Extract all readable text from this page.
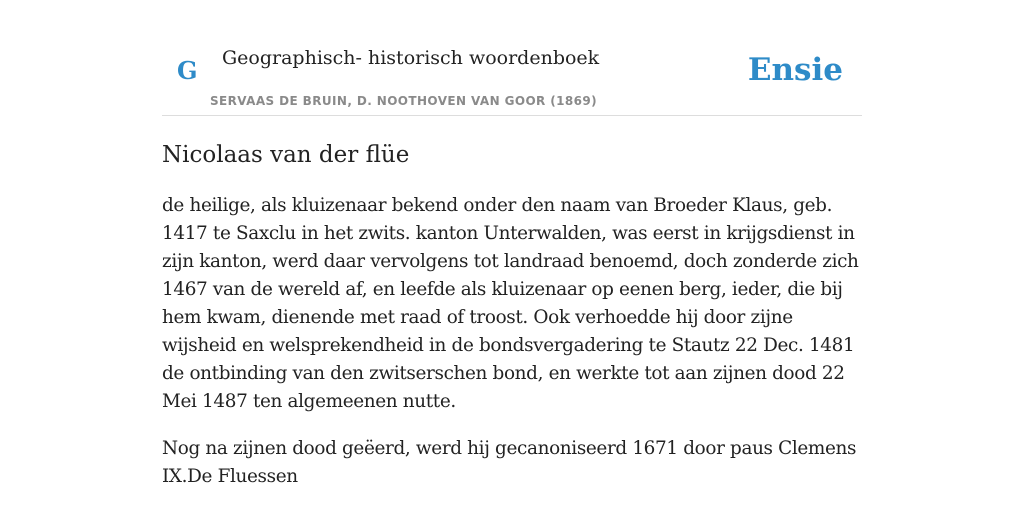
G Geographisch- historisch woordenboek
SERVAAS DE BRUIN, D. NOOTHOVEN VAN GOOR (1869)
Ensie
Nicolaas van der flüe

de heilige, als kluizenaar bekend onder den naam van Broeder Klaus, geb. 1417 te Saxclu in het zwits. kanton Unterwalden, was eerst in krijgsdienst in zijn kanton, werd daar vervolgens tot landraad benoemd, doch zonderde zich 1467 van de wereld af, en leefde als kluizenaar op eenen berg, ieder, die bij hem kwam, dienende met raad of troost. Ook verhoedde hij door zijne wijsheid en welsprekendheid in de bondsvergadering te Stautz 22 Dec. 1481 de ontbinding van den zwitserschen bond, en werkte tot aan zijnen dood 22 Mei 1487 ten algemeenen nutte.

Nog na zijnen dood geëerd, werd hij gecanoniseerd 1671 door paus Clemens IX.De Fluessen
